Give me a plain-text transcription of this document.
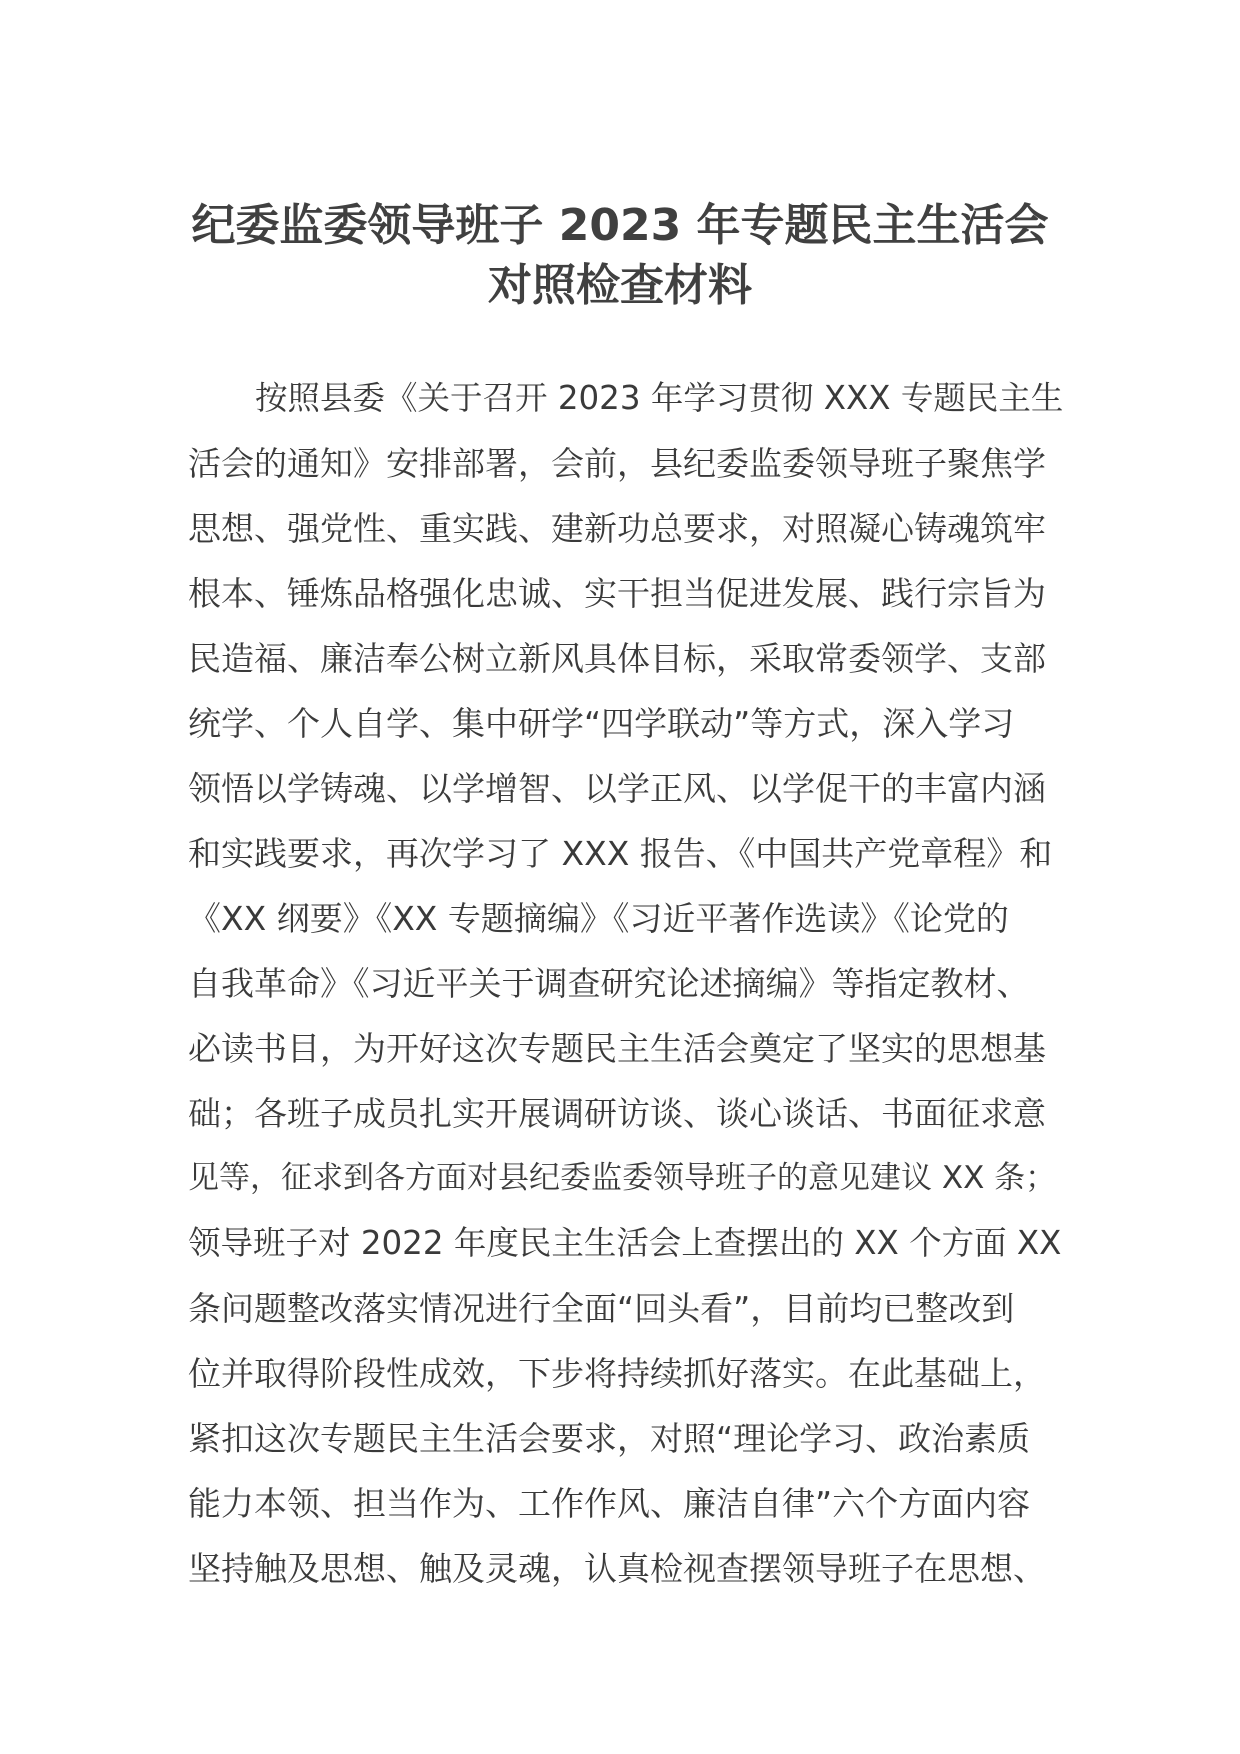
纪委监委领导班子 2023 年专题民主生活会
对照检查材料
按照县委《关于召开 2023 年学习贯彻 XXX 专题民主生
活会的通知》安排部署，会前，县纪委监委领导班子聚焦学
思想、强党性、重实践、建新功总要求，对照凝心铸魂筑牢
根本、锤炼品格强化忠诚、实干担当促进发展、践行宗旨为
民造福、廉洁奉公树立新风具体目标，采取常委领学、支部
统学、个人自学、集中研学“四学联动”等方式，深入学习
领悟以学铸魂、以学增智、以学正风、以学促干的丰富内涵
和实践要求，再次学习了 XXX 报告、《中国共产党章程》和
《XX 纲要》《XX 专题摘编》《习近平著作选读》《论党的
自我革命》《习近平关于调查研究论述摘编》等指定教材、
必读书目，为开好这次专题民主生活会奠定了坚实的思想基
础；各班子成员扎实开展调研访谈、谈心谈话、书面征求意
见等，征求到各方面对县纪委监委领导班子的意见建议 XX 条；
领导班子对 2022 年度民主生活会上查摆出的 XX 个方面 XX
条问题整改落实情况进行全面“回头看”，目前均已整改到
位并取得阶段性成效，下步将持续抓好落实。在此基础上，
紧扣这次专题民主生活会要求，对照“理论学习、政治素质
能力本领、担当作为、工作作风、廉洁自律”六个方面内容
坚持触及思想、触及灵魂，认真检视查摆领导班子在思想、
